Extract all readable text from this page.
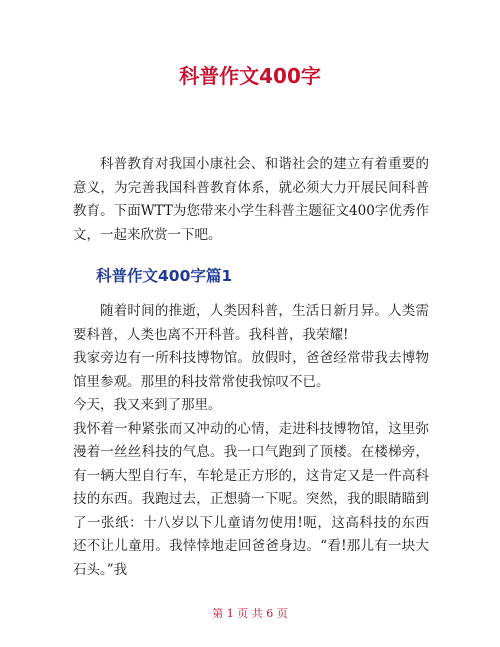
科普作文400字

科普教育对我国小康社会、和谐社会的建立有着重要的意义，为完善我国科普教育体系，就必须大力开展民间科普教育。下面WTT为您带来小学生科普主题征文400字优秀作文，一起来欣赏一下吧。

科普作文400字篇1

随着时间的推逝，人类因科普，生活日新月异。人类需要科普，人类也离不开科普。我科普，我荣耀!

我家旁边有一所科技博物馆。放假时，爸爸经常带我去博物馆里参观。那里的科技常常使我惊叹不已。

今天，我又来到了那里。

我怀着一种紧张而又冲动的心情，走进科技博物馆，这里弥漫着一丝丝科技的气息。我一口气跑到了顶楼。在楼梯旁，有一辆大型自行车，车轮是正方形的，这肯定又是一件高科技的东西。我跑过去，正想骑一下呢。突然，我的眼睛瞄到了一张纸：十八岁以下儿童请勿使用!呃，这高科技的东西还不让儿童用。我悻悻地走回爸爸身边。“看!那儿有一块大石头。”我

第 1 页 共 6 页
